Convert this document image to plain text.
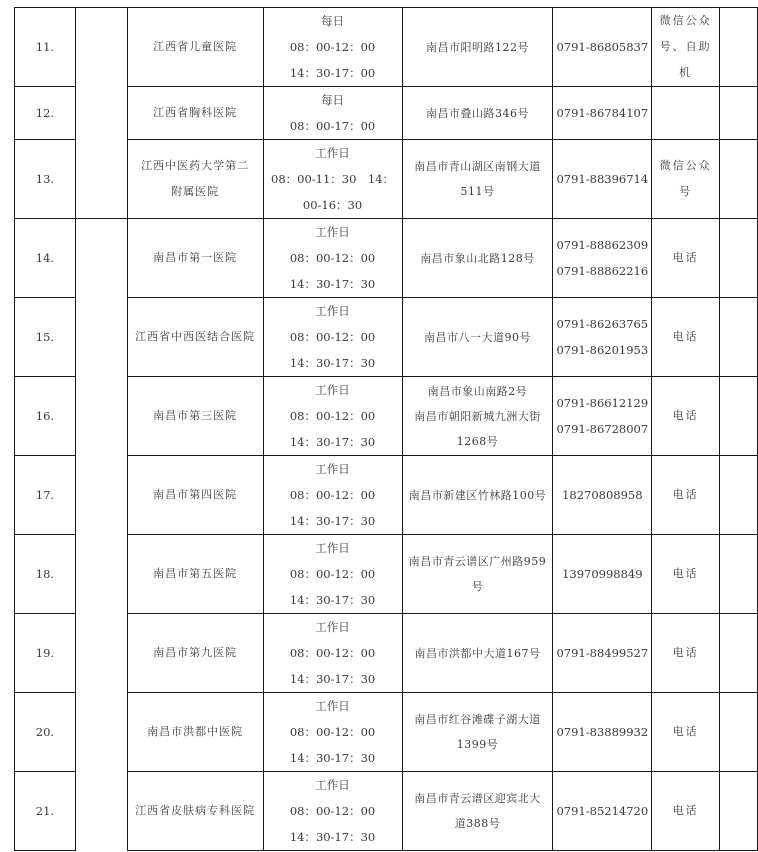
11.		江西省儿童医院	每日
08：00-12：00
14：30-17：00	南昌市阳明路122号	0791-86805837	微信公众
号、自助
机	

12.		江西省胸科医院	每日
08：00-17：00	南昌市叠山路346号	0791-86784107		

13.		江西中医药大学第二
附属医院	工作日
08：00-11：30　14：
00-16：30	南昌市青山湖区南钢大道
511号	0791-88396714	微信公众
号	

14.		南昌市第一医院	工作日
08：00-12：00
14：30-17：30	南昌市象山北路128号	0791-88862309
0791-88862216	电话	

15.		江西省中西医结合医院	工作日
08：00-12：00
14：30-17：30	南昌市八一大道90号	0791-86263765
0791-86201953	电话	

16.		南昌市第三医院	工作日
08：00-12：00
14：30-17：30	南昌市象山南路2号
南昌市朝阳新城九洲大街
1268号	0791-86612129
0791-86728007	电话	

17.		南昌市第四医院	工作日
08：00-12：00
14：30-17：30	南昌市新建区竹林路100号	18270808958	电话	

18.		南昌市第五医院	工作日
08：00-12：00
14：30-17：30	南昌市青云谱区广州路959
号	13970998849	电话	

19.		南昌市第九医院	工作日
08：00-12：00
14：30-17：30	南昌市洪都中大道167号	0791-88499527	电话	

20.		南昌市洪都中医院	工作日
08：00-12：00
14：30-17：30	南昌市红谷滩碟子湖大道
1399号	0791-83889932	电话	

21.		江西省皮肤病专科医院	工作日
08：00-12：00
14：30-17：30	南昌市青云谱区迎宾北大
道388号	0791-85214720	电话	
